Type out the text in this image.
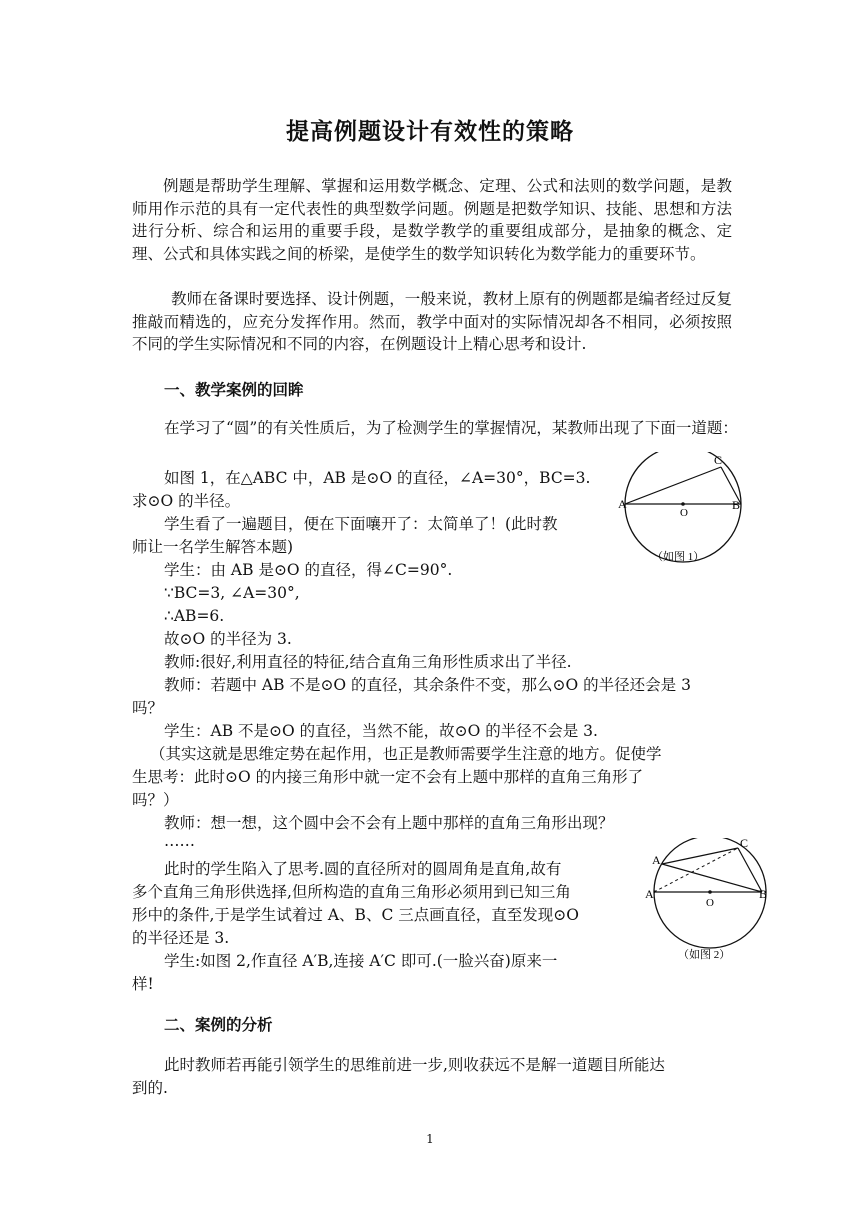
提高例题设计有效性的策略
例题是帮助学生理解、掌握和运用数学概念、定理、公式和法则的数学问题，是教师用作示范的具有一定代表性的典型数学问题。例题是把数学知识、技能、思想和方法进行分析、综合和运用的重要手段，是数学教学的重要组成部分，是抽象的概念、定理、公式和具体实践之间的桥梁，是使学生的数学知识转化为数学能力的重要环节。
教师在备课时要选择、设计例题，一般来说，教材上原有的例题都是编者经过反复推敲而精选的，应充分发挥作用。然而，教学中面对的实际情况却各不相同，必须按照不同的学生实际情况和不同的内容，在例题设计上精心思考和设计.
一、教学案例的回眸
在学习了“圆”的有关性质后，为了检测学生的掌握情况，某教师出现了下面一道题：
如图 1，在△ABC 中，AB 是⊙O 的直径，∠A=30°，BC=3.
求⊙O 的半径。
学生看了一遍题目，便在下面嚷开了：太简单了！(此时教
师让一名学生解答本题)
学生：由 AB 是⊙O 的直径，得∠C=90°.
∵BC=3, ∠A=30°,
∴AB=6.
故⊙O 的半径为 3.
教师:很好,利用直径的特征,结合直角三角形性质求出了半径.
教师：若题中 AB 不是⊙O 的直径，其余条件不变，那么⊙O 的半径还会是 3
吗？
学生：AB 不是⊙O 的直径，当然不能，故⊙O 的半径不会是 3.
（其实这就是思维定势在起作用，也正是教师需要学生注意的地方。促使学
生思考：此时⊙O 的内接三角形中就一定不会有上题中那样的直角三角形了
吗？）
教师：想一想，这个圆中会不会有上题中那样的直角三角形出现？
……
此时的学生陷入了思考.圆的直径所对的圆周角是直角,故有
多个直角三角形供选择,但所构造的直角三角形必须用到已知三角
形中的条件,于是学生试着过 A、B、C 三点画直径，直至发现⊙O
的半径还是 3.
学生:如图 2,作直径 A′B,连接 A′C 即可.(一脸兴奋)原来一
样!
二、案例的分析
此时教师若再能引领学生的思维前进一步,则收获远不是解一道题目所能达
到的.
A	B
C
O
（如图 1）
A
A′	B
C
O
（如图 2）
1
